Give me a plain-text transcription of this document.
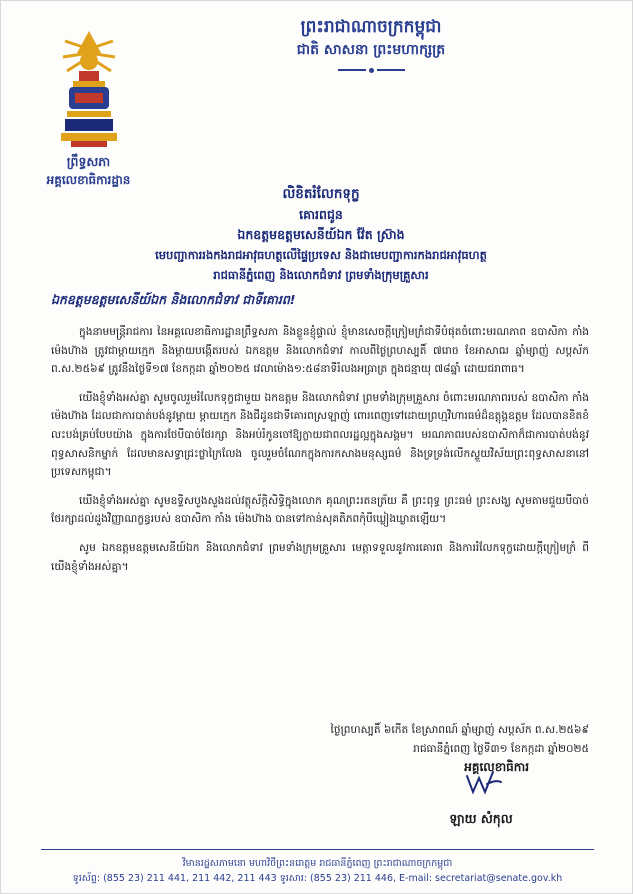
ព្រះរាជាណាចក្រកម្ពុជា
ជាតិ សាសនា ព្រះមហាក្សត្រ
ព្រឹទ្ធសភា
អគ្គលេខាធិការដ្ឋាន
លិខិតរំលែកទុក្ខ
គោរពជូន
ឯកឧត្ដមឧត្ដមសេនីយ៍ឯក វ៉ែត ស្រ៊ាង
មេបញ្ជាការរងកងរាជអាវុធហត្ថលើផ្ទៃប្រទេស និងជាមេបញ្ជាការកងរាជអាវុធហត្ថ
រាជធានីភ្នំពេញ និងលោកជំទាវ ព្រមទាំងក្រុមគ្រួសារ
ឯកឧត្ដមឧត្ដមសេនីយ៍ឯក និងលោកជំទាវ ជាទីគោរព!

ក្នុងនាមមន្ដ្រីរាជការ នៃអគ្គលេខាធិការដ្ឋានព្រឹទ្ធសភា និងខ្លួនខ្ញុំផ្ទាល់ ខ្ញុំមានសេចក្ដីក្រៀមក្រំជាទីបំផុតចំពោះមរណភាព ឧបាសិកា កាំង ម៉េងហ៊ាង ត្រូវជាម្ដាយក្មេក និងម្ដាយបង្កើតរបស់ ឯកឧត្ដម និងលោកជំទាវ កាលពីថ្ងៃព្រហស្បតិ៍ ៧រោច ខែអាសាឍ ឆ្នាំម្សាញ់ សប្ដស័ក ព.ស.២៥៦៩ ត្រូវនឹងថ្ងៃទី១៧ ខែកក្កដា ឆ្នាំ២០២៥ វេលាម៉ោង១:៥៨នាទីរំលងអធ្រាត្រ ក្នុងជន្មាយុ ៧៨ឆ្នាំ ដោយជរាពាធ។

យើងខ្ញុំទាំងអស់គ្នា សូមចូលរួមរំលែកទុក្ខជាមួយ ឯកឧត្ដម និងលោកជំទាវ ព្រមទាំងក្រុមគ្រួសារ ចំពោះមរណភាពរបស់ ឧបាសិកា កាំង ម៉េងហ៊ាង ដែលជាការបាត់បង់នូវម្ដាយ ម្ដាយក្មេក និងជីដូនជាទីគោរពស្រឡាញ់ ពោរពេញទៅដោយព្រហ្មវិហារធម៌ដ៏ឧត្ដុង្គឧត្ដម ដែលបានខិតខំលះបង់គ្រប់បែបយ៉ាង ក្នុងការថែបីបាច់ថែរក្សា និងអប់រំកូនចៅឱ្យក្លាយជាពលរដ្ឋល្អក្នុងសង្គម។ មរណភាពរបស់ឧបាសិកាក៏ជាការបាត់បង់នូវពុទ្ធសាសនិកម្នាក់ ដែលមានសទ្ធាជ្រះថ្លាក្រៃលែង ចូលរួមចំណែកក្នុងការកសាងមនុស្សធម៌ និងទ្រទ្រង់លើកស្ទួយវិស័យព្រះពុទ្ធសាសនានៅប្រទេសកម្ពុជា។

យើងខ្ញុំទាំងអស់គ្នា សូមឧទ្ទិសបួងសួងដល់វត្ថុស័ក្ដិសិទ្ធិក្នុងលោក គុណព្រះរតនត្រ័យ គឺ ព្រះពុទ្ធ ព្រះធម៌ ព្រះសង្ឃ សូមតាមជួយបីបាច់ថែរក្សាដល់ដួងវិញ្ញាណក្ខន្ធរបស់ ឧបាសិកា កាំង ម៉េងហ៊ាង បានទៅកាន់សុគតិភពកុំបីឃ្លៀងឃ្លាតឡើយ។

សូម ឯកឧត្ដមឧត្ដមសេនីយ៍ឯក និងលោកជំទាវ ព្រមទាំងក្រុមគ្រួសារ មេត្ដាទទួលនូវការគោរព និងការរំលែកទុក្ខដោយក្ដីក្រៀមក្រំ ពីយើងខ្ញុំទាំងអស់គ្នា។

ថ្ងៃព្រហស្បតិ៍ ៦កើត ខែស្រាពណ៍ ឆ្នាំម្សាញ់ សប្ដស័ក ព.ស.២៥៦៩
រាជធានីភ្នំពេញ ថ្ងៃទី៣១ ខែកក្កដា ឆ្នាំ២០២៥
អគ្គលេខាធិការ
ឡាយ សំកុល
វិមានរដ្ឋសភាមនោ មហាវិថីព្រះនរោត្តម រាជធានីភ្នំពេញ ព្រះរាជាណាចក្រកម្ពុជា
ទូរស័ព្ទ: (855 23) 211 441, 211 442, 211 443 ទូរសារ: (855 23) 211 446, E-mail: secretariat@senate.gov.kh
